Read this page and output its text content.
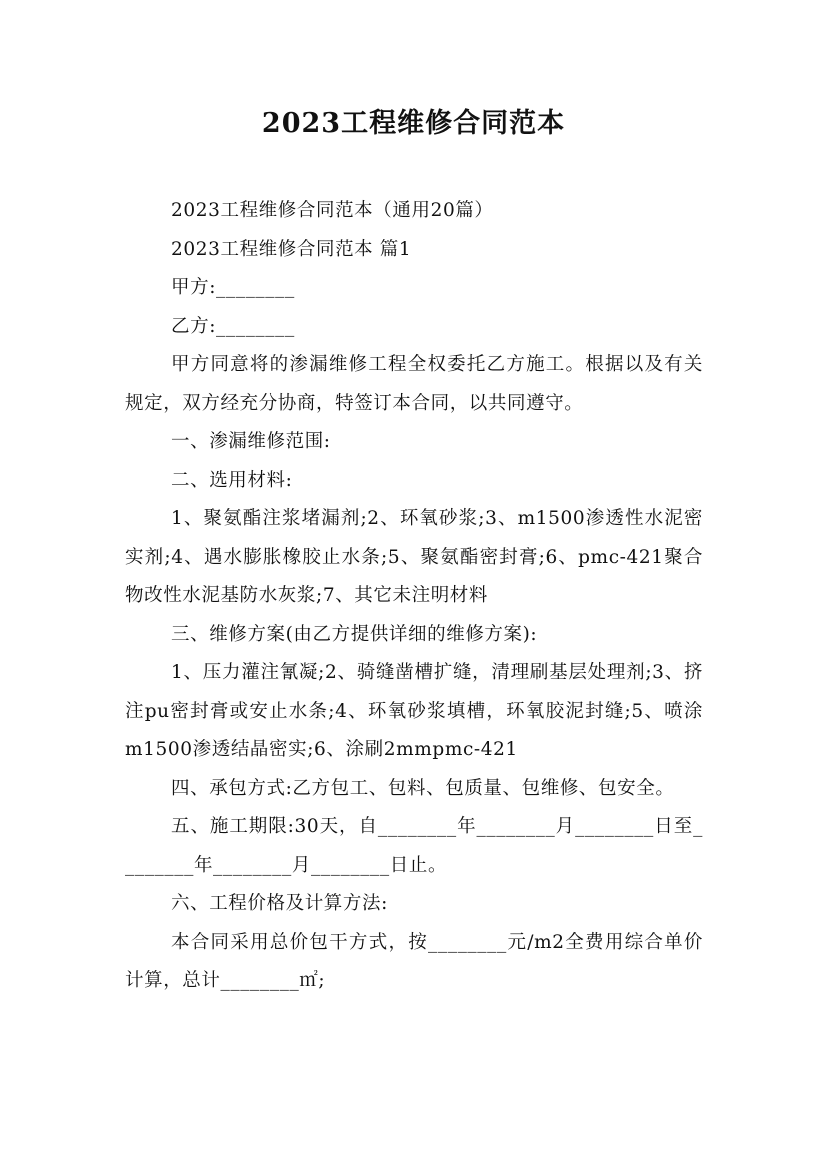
2023工程维修合同范本

2023工程维修合同范本（通用20篇）

2023工程维修合同范本 篇1

甲方:________

乙方:________

甲方同意将的渗漏维修工程全权委托乙方施工。根据以及有关规定，双方经充分协商，特签订本合同，以共同遵守。

一、渗漏维修范围:

二、选用材料:

1、聚氨酯注浆堵漏剂;2、环氧砂浆;3、m1500渗透性水泥密实剂;4、遇水膨胀橡胶止水条;5、聚氨酯密封膏;6、pmc-421聚合物改性水泥基防水灰浆;7、其它未注明材料

三、维修方案(由乙方提供详细的维修方案):

1、压力灌注氰凝;2、骑缝凿槽扩缝，清理刷基层处理剂;3、挤注pu密封膏或安止水条;4、环氧砂浆填槽，环氧胶泥封缝;5、喷涂m1500渗透结晶密实;6、涂刷2mmpmc-421

四、承包方式:乙方包工、包料、包质量、包维修、包安全。

五、施工期限:30天，自________年________月________日至________年________月________日止。

六、工程价格及计算方法:

本合同采用总价包干方式，按________元/m2全费用综合单价计算，总计________㎡;
